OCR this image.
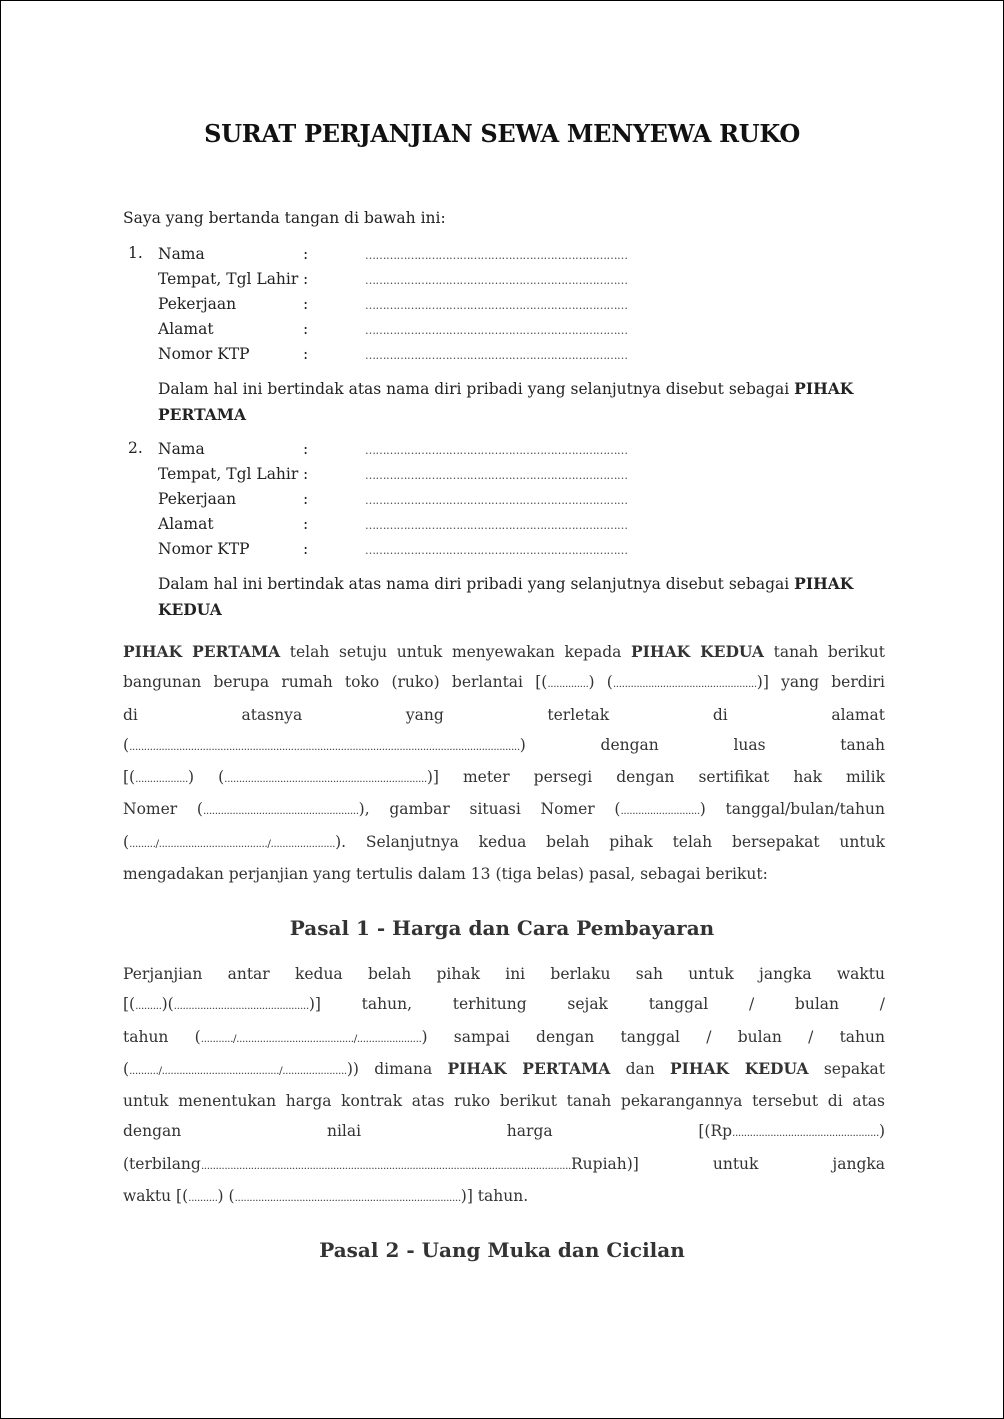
SURAT PERJANJIAN SEWA MENYEWA RUKO
Saya yang bertanda tangan di bawah ini:
1. Nama	:	…………………………………………………………………
Tempat, Tgl Lahir :	…………………………………………………………………
Pekerjaan	:	…………………………………………………………………
Alamat	:	…………………………………………………………………
Nomor KTP	:	…………………………………………………………………
Dalam hal ini bertindak atas nama diri pribadi yang selanjutnya disebut sebagai PIHAK
PERTAMA
2. Nama	:	…………………………………………………………………
Tempat, Tgl Lahir :	…………………………………………………………………
Pekerjaan	:	…………………………………………………………………
Alamat	:	…………………………………………………………………
Nomor KTP	:	…………………………………………………………………
Dalam hal ini bertindak atas nama diri pribadi yang selanjutnya disebut sebagai PIHAK
KEDUA
PIHAK PERTAMA telah setuju untuk menyewakan kepada PIHAK KEDUA tanah berikut
bangunan berupa rumah toko (ruko) berlantai [(..............) (.................................................)] yang berdiri
di atasnya yang terletak di alamat
(.....................................................................................................................................) dengan luas tanah
[(..................) (.....................................................................)] meter persegi dengan sertifikat hak milik
Nomer (.....................................................), gambar situasi Nomer (...........................) tanggal/bulan/tahun
(........./...................................../......................). Selanjutnya kedua belah pihak telah bersepakat untuk
mengadakan perjanjian yang tertulis dalam 13 (tiga belas) pasal, sebagai berikut:
Pasal 1 - Harga dan Cara Pembayaran
Perjanjian antar kedua belah pihak ini berlaku sah untuk jangka waktu
[(.........)(..............................................)] tahun, terhitung sejak tanggal / bulan /
tahun (.........../......................................../......................) sampai dengan tanggal / bulan / tahun
(........../......................................../......................)) dimana PIHAK PERTAMA dan PIHAK KEDUA sepakat
untuk menentukan harga kontrak atas ruko berikut tanah pekarangannya tersebut di atas
dengan nilai harga [(Rp..................................................)
(terbilang..............................................................................................................................Rupiah)] untuk jangka
waktu [(..........) (.............................................................................)] tahun.
Pasal 2 - Uang Muka dan Cicilan
